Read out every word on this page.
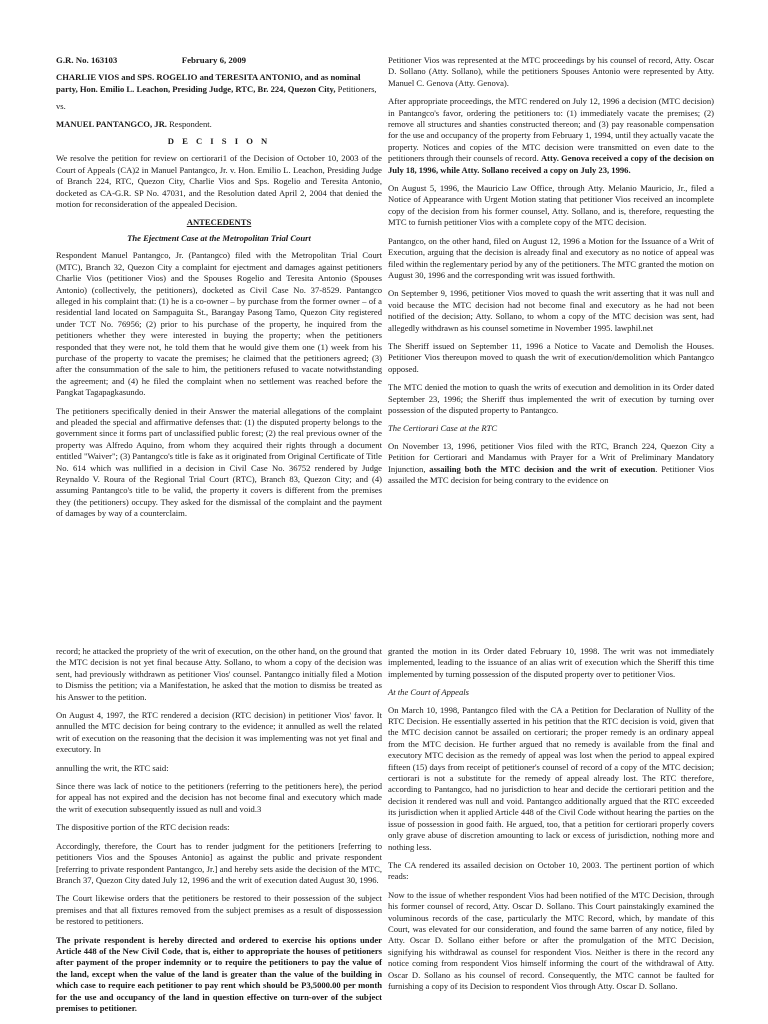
G.R. No. 163103	February 6, 2009

CHARLIE VIOS and SPS. ROGELIO and TERESITA ANTONIO, and as nominal party, Hon. Emilio L. Leachon, Presiding Judge, RTC, Br. 224, Quezon City, Petitioners,

vs.

MANUEL PANTANGCO, JR. Respondent.

D E C I S I O N

We resolve the petition for review on certiorari1 of the Decision of October 10, 2003 of the Court of Appeals (CA)2 in Manuel Pantangco, Jr. v. Hon. Emilio L. Leachon, Presiding Judge of Branch 224, RTC, Quezon City, Charlie Vios and Sps. Rogelio and Teresita Antonio, docketed as CA-G.R. SP No. 47031, and the Resolution dated April 2, 2004 that denied the motion for reconsideration of the appealed Decision.

ANTECEDENTS
The Ejectment Case at the Metropolitan Trial Court

Respondent Manuel Pantangco, Jr. (Pantangco) filed with the Metropolitan Trial Court (MTC), Branch 32, Quezon City a complaint for ejectment and damages against petitioners Charlie Vios (petitioner Vios) and the Spouses Rogelio and Teresita Antonio (Spouses Antonio) (collectively, the petitioners), docketed as Civil Case No. 37-8529. Pantangco alleged in his complaint that: (1) he is a co-owner – by purchase from the former owner – of a residential land located on Sampaguita St., Barangay Pasong Tamo, Quezon City registered under TCT No. 76956; (2) prior to his purchase of the property, he inquired from the petitioners whether they were interested in buying the property; when the petitioners responded that they were not, he told them that he would give them one (1) week from his purchase of the property to vacate the premises; he claimed that the petitioners agreed; (3) after the consummation of the sale to him, the petitioners refused to vacate notwithstanding the agreement; and (4) he filed the complaint when no settlement was reached before the Pangkat Tagapagkasundo.

The petitioners specifically denied in their Answer the material allegations of the complaint and pleaded the special and affirmative defenses that: (1) the disputed property belongs to the government since it forms part of unclassified public forest; (2) the real previous owner of the property was Alfredo Aquino, from whom they acquired their rights through a document entitled "Waiver"; (3) Pantangco's title is fake as it originated from Original Certificate of Title No. 614 which was nullified in a decision in Civil Case No. 36752 rendered by Judge Reynaldo V. Roura of the Regional Trial Court (RTC), Branch 83, Quezon City; and (4) assuming Pantangco's title to be valid, the property it covers is different from the premises they (the petitioners) occupy. They asked for the dismissal of the complaint and the payment of damages by way of a counterclaim.

Petitioner Vios was represented at the MTC proceedings by his counsel of record, Atty. Oscar D. Sollano (Atty. Sollano), while the petitioners Spouses Antonio were represented by Atty. Manuel C. Genova (Atty. Genova).

After appropriate proceedings, the MTC rendered on July 12, 1996 a decision (MTC decision) in Pantangco's favor, ordering the petitioners to: (1) immediately vacate the premises; (2) remove all structures and shanties constructed thereon; and (3) pay reasonable compensation for the use and occupancy of the property from February 1, 1994, until they actually vacate the property. Notices and copies of the MTC decision were transmitted on even date to the petitioners through their counsels of record. Atty. Genova received a copy of the decision on July 18, 1996, while Atty. Sollano received a copy on July 23, 1996.

On August 5, 1996, the Mauricio Law Office, through Atty. Melanio Mauricio, Jr., filed a Notice of Appearance with Urgent Motion stating that petitioner Vios received an incomplete copy of the decision from his former counsel, Atty. Sollano, and is, therefore, requesting the MTC to furnish petitioner Vios with a complete copy of the MTC decision.

Pantangco, on the other hand, filed on August 12, 1996 a Motion for the Issuance of a Writ of Execution, arguing that the decision is already final and executory as no notice of appeal was filed within the reglementary period by any of the petitioners. The MTC granted the motion on August 30, 1996 and the corresponding writ was issued forthwith.

On September 9, 1996, petitioner Vios moved to quash the writ asserting that it was null and void because the MTC decision had not become final and executory as he had not been notified of the decision; Atty. Sollano, to whom a copy of the MTC decision was sent, had allegedly withdrawn as his counsel sometime in November 1995. lawphil.net

The Sheriff issued on September 11, 1996 a Notice to Vacate and Demolish the Houses. Petitioner Vios thereupon moved to quash the writ of execution/demolition which Pantangco opposed.

The MTC denied the motion to quash the writs of execution and demolition in its Order dated September 23, 1996; the Sheriff thus implemented the writ of execution by turning over possession of the disputed property to Pantangco.

The Certiorari Case at the RTC

On November 13, 1996, petitioner Vios filed with the RTC, Branch 224, Quezon City a Petition for Certiorari and Mandamus with Prayer for a Writ of Preliminary Mandatory Injunction, assailing both the MTC decision and the writ of execution. Petitioner Vios assailed the MTC decision for being contrary to the evidence on

record; he attacked the propriety of the writ of execution, on the other hand, on the ground that the MTC decision is not yet final because Atty. Sollano, to whom a copy of the decision was sent, had previously withdrawn as petitioner Vios' counsel. Pantangco initially filed a Motion to Dismiss the petition; via a Manifestation, he asked that the motion to dismiss be treated as his Answer to the petition.

On August 4, 1997, the RTC rendered a decision (RTC decision) in petitioner Vios' favor. It annulled the MTC decision for being contrary to the evidence; it annulled as well the related writ of execution on the reasoning that the decision it was implementing was not yet final and executory. In

annulling the writ, the RTC said:

Since there was lack of notice to the petitioners (referring to the petitioners here), the period for appeal has not expired and the decision has not become final and executory which made the writ of execution subsequently issued as null and void.3

The dispositive portion of the RTC decision reads:

Accordingly, therefore, the Court has to render judgment for the petitioners [referring to petitioners Vios and the Spouses Antonio] as against the public and private respondent [referring to private respondent Pantangco, Jr.] and hereby sets aside the decision of the MTC, Branch 37, Quezon City dated July 12, 1996 and the writ of execution dated August 30, 1996.

The Court likewise orders that the petitioners be restored to their possession of the subject premises and that all fixtures removed from the subject premises as a result of dispossession be restored to petitioners.

The private respondent is hereby directed and ordered to exercise his options under Article 448 of the New Civil Code, that is, either to appropriate the houses of petitioners after payment of the proper indemnity or to require the petitioners to pay the value of the land, except when the value of the land is greater than the value of the building in which case to require each petitioner to pay rent which should be P3,5000.00 per month for the use and occupancy of the land in question effective on turn-over of the subject premises to petitioner.

granted the motion in its Order dated February 10, 1998. The writ was not immediately implemented, leading to the issuance of an alias writ of execution which the Sheriff this time implemented by turning possession of the disputed property over to petitioner Vios.

At the Court of Appeals

On March 10, 1998, Pantangco filed with the CA a Petition for Declaration of Nullity of the RTC Decision. He essentially asserted in his petition that the RTC decision is void, given that the MTC decision cannot be assailed on certiorari; the proper remedy is an ordinary appeal from the MTC decision. He further argued that no remedy is available from the final and executory MTC decision as the remedy of appeal was lost when the period to appeal expired fifteen (15) days from receipt of petitioner's counsel of record of a copy of the MTC decision; certiorari is not a substitute for the remedy of appeal already lost. The RTC therefore, according to Pantangco, had no jurisdiction to hear and decide the certiorari petition and the decision it rendered was null and void. Pantangco additionally argued that the RTC exceeded its jurisdiction when it applied Article 448 of the Civil Code without hearing the parties on the issue of possession in good faith. He argued, too, that a petition for certiorari properly covers only grave abuse of discretion amounting to lack or excess of jurisdiction, nothing more and nothing less.

The CA rendered its assailed decision on October 10, 2003. The pertinent portion of which reads:

Now to the issue of whether respondent Vios had been notified of the MTC Decision, through his former counsel of record, Atty. Oscar D. Sollano. This Court painstakingly examined the voluminous records of the case, particularly the MTC Record, which, by mandate of this Court, was elevated for our consideration, and found the same barren of any notice, filed by Atty. Oscar D. Sollano either before or after the promulgation of the MTC Decision, signifying his withdrawal as counsel for respondent Vios. Neither is there in the record any notice coming from respondent Vios himself informing the court of the withdrawal of Atty. Oscar D. Sollano as his counsel of record. Consequently, the MTC cannot be faulted for furnishing a copy of its Decision to respondent Vios through Atty. Oscar D. Sollano.
